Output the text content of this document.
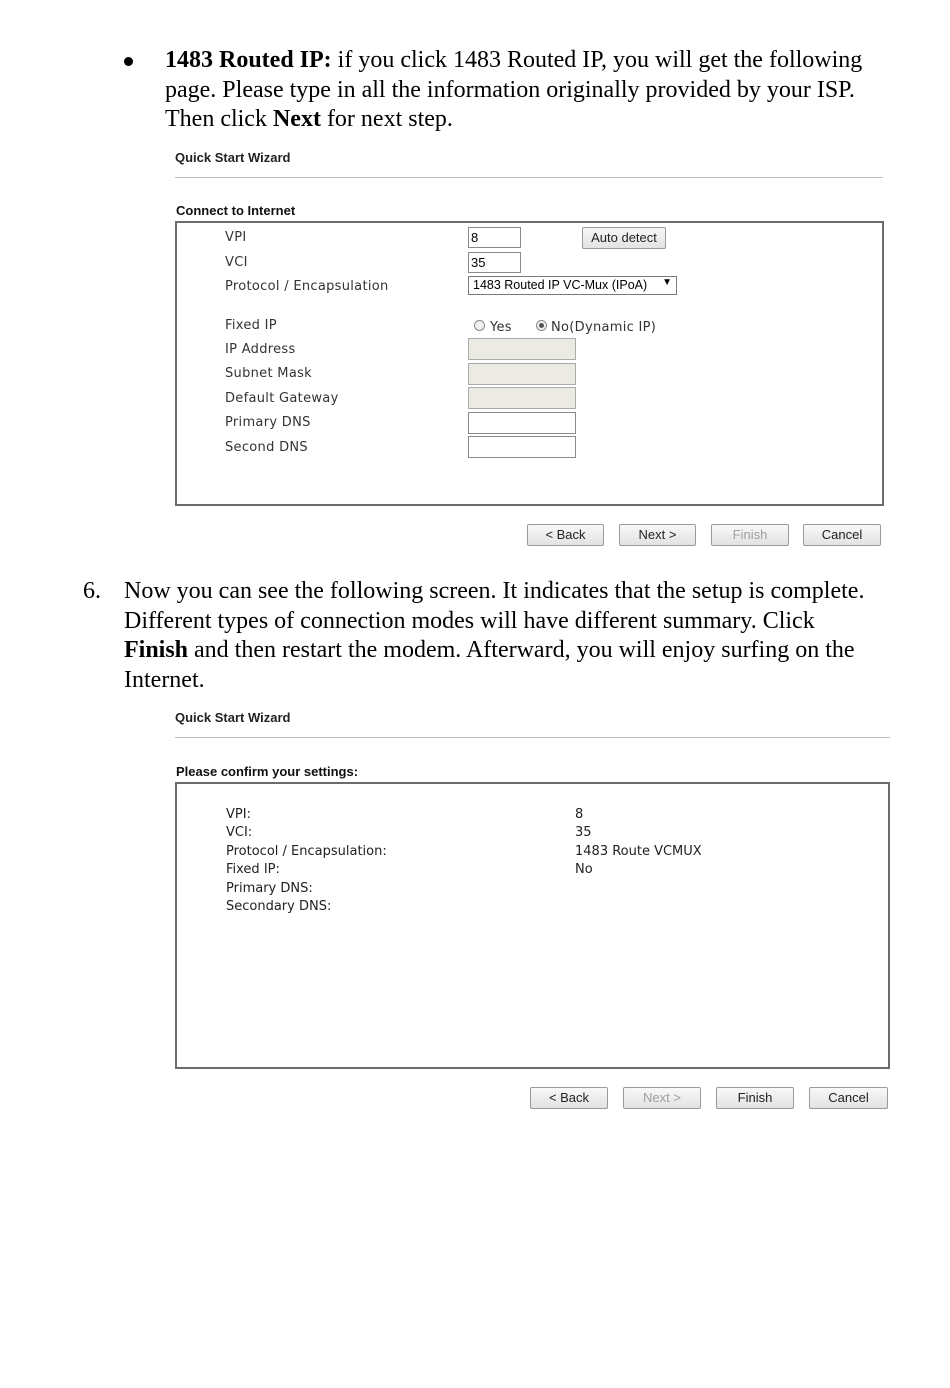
1483 Routed IP: if you click 1483 Routed IP, you will get the following
page. Please type in all the information originally provided by your ISP.
Then click Next for next step.
Quick Start Wizard
Connect to Internet
VPI	8	Auto detect
VCI	35
Protocol / Encapsulation	1483 Routed IP VC-Mux (IPoA) ▼
Fixed IP	Yes	No(Dynamic IP)
IP Address
Subnet Mask
Default Gateway
Primary DNS
Second DNS
< Back	Next >	Finish	Cancel
6. Now you can see the following screen. It indicates that the setup is complete.
Different types of connection modes will have different summary. Click
Finish and then restart the modem. Afterward, you will enjoy surfing on the
Internet.
Quick Start Wizard
Please confirm your settings:
VPI:	8
VCI:	35
Protocol / Encapsulation:	1483 Route VCMUX
Fixed IP:	No
Primary DNS:
Secondary DNS:
< Back	Next >	Finish	Cancel
